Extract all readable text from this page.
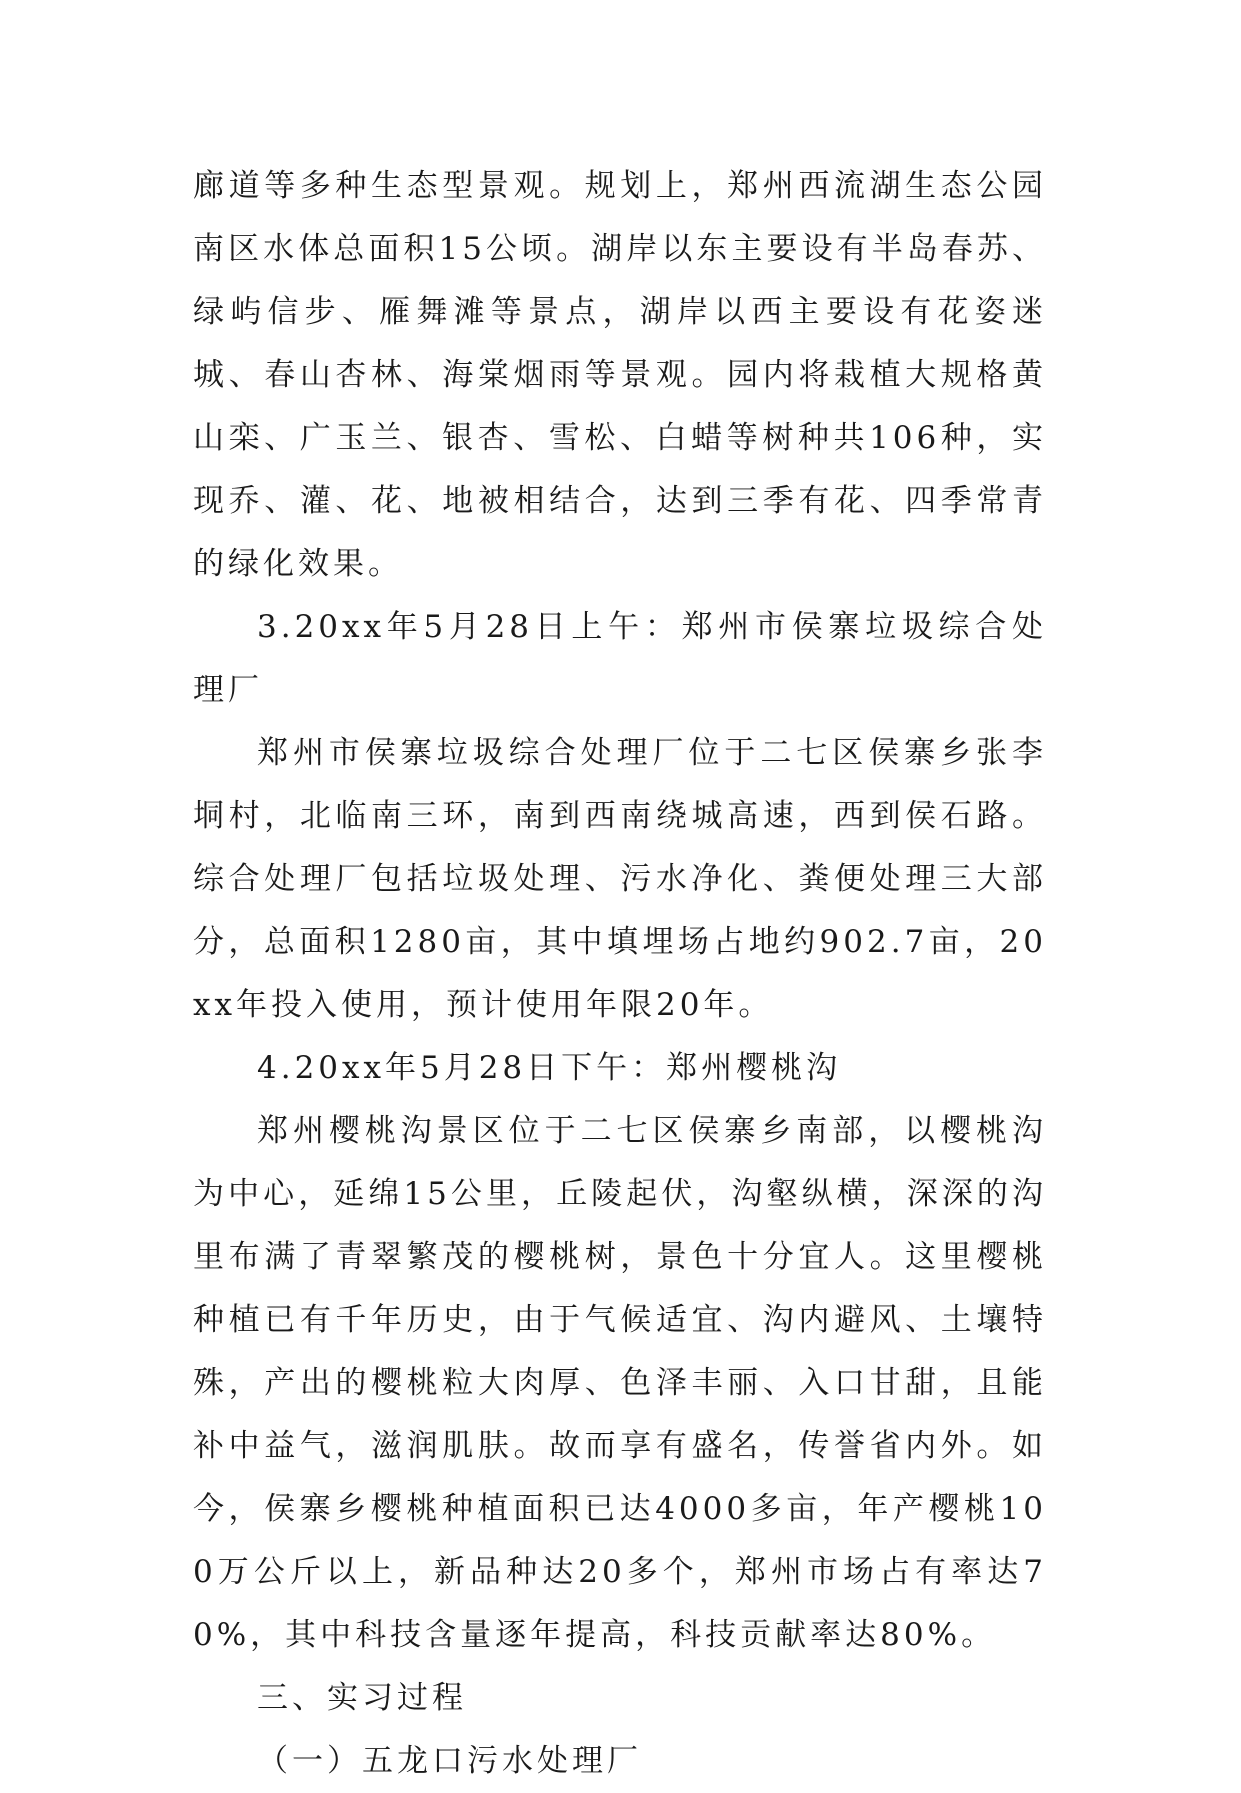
廊道等多种生态型景观。规划上，郑州西流湖生态公园南区水体总面积15公顷。湖岸以东主要设有半岛春苏、绿屿信步、雁舞滩等景点，湖岸以西主要设有花姿迷城、春山杏林、海棠烟雨等景观。园内将栽植大规格黄山栾、广玉兰、银杏、雪松、白蜡等树种共106种，实现乔、灌、花、地被相结合，达到三季有花、四季常青的绿化效果。

3.20xx年5月28日上午：郑州市侯寨垃圾综合处理厂

郑州市侯寨垃圾综合处理厂位于二七区侯寨乡张李垌村，北临南三环，南到西南绕城高速，西到侯石路。综合处理厂包括垃圾处理、污水净化、粪便处理三大部分，总面积1280亩，其中填埋场占地约902.7亩，20xx年投入使用，预计使用年限20年。

4.20xx年5月28日下午：郑州樱桃沟

郑州樱桃沟景区位于二七区侯寨乡南部，以樱桃沟为中心，延绵15公里，丘陵起伏，沟壑纵横，深深的沟里布满了青翠繁茂的樱桃树，景色十分宜人。这里樱桃种植已有千年历史，由于气候适宜、沟内避风、土壤特殊，产出的樱桃粒大肉厚、色泽丰丽、入口甘甜，且能补中益气，滋润肌肤。故而享有盛名，传誉省内外。如今，侯寨乡樱桃种植面积已达4000多亩，年产樱桃100万公斤以上，新品种达20多个，郑州市场占有率达70%，其中科技含量逐年提高，科技贡献率达80%。

三、实习过程

（一）五龙口污水处理厂
